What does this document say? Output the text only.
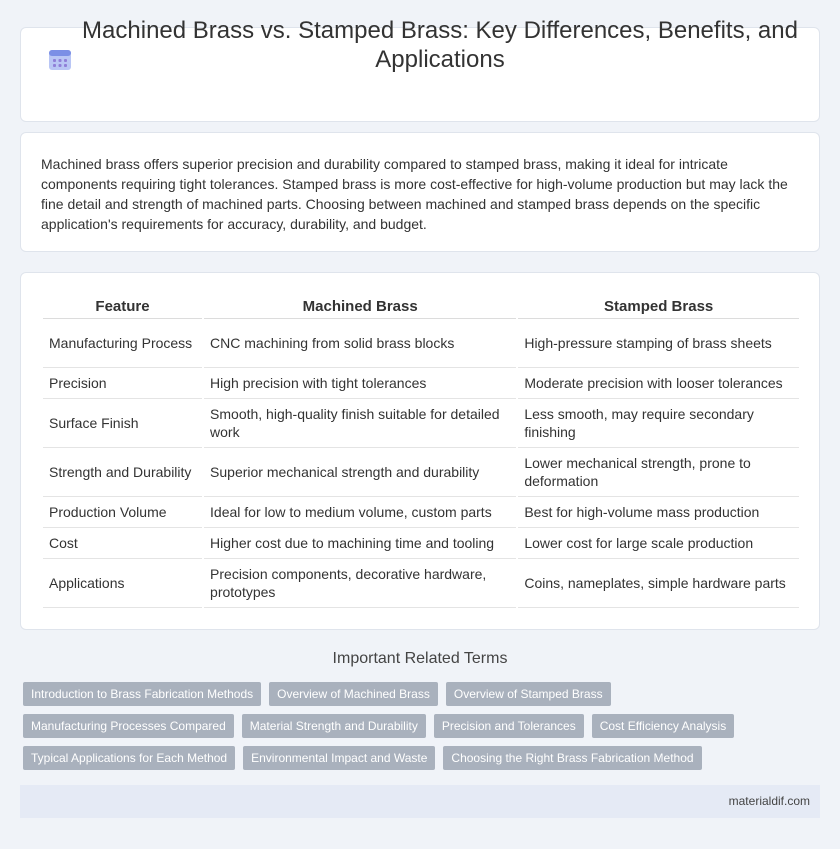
Machined Brass vs. Stamped Brass: Key Differences, Benefits, and Applications

Machined brass offers superior precision and durability compared to stamped brass, making it ideal for intricate components requiring tight tolerances. Stamped brass is more cost-effective for high-volume production but may lack the fine detail and strength of machined parts. Choosing between machined and stamped brass depends on the specific application's requirements for accuracy, durability, and budget.

Feature	Machined Brass	Stamped Brass
Manufacturing Process	CNC machining from solid brass blocks	High-pressure stamping of brass sheets
Precision	High precision with tight tolerances	Moderate precision with looser tolerances
Surface Finish	Smooth, high-quality finish suitable for detailed work	Less smooth, may require secondary finishing
Strength and Durability	Superior mechanical strength and durability	Lower mechanical strength, prone to deformation
Production Volume	Ideal for low to medium volume, custom parts	Best for high-volume mass production
Cost	Higher cost due to machining time and tooling	Lower cost for large scale production
Applications	Precision components, decorative hardware, prototypes	Coins, nameplates, simple hardware parts
Important Related Terms
Introduction to Brass Fabrication Methods	Overview of Machined Brass	Overview of Stamped Brass
Manufacturing Processes Compared	Material Strength and Durability	Precision and Tolerances	Cost Efficiency Analysis
Typical Applications for Each Method	Environmental Impact and Waste	Choosing the Right Brass Fabrication Method
materialdif.com
